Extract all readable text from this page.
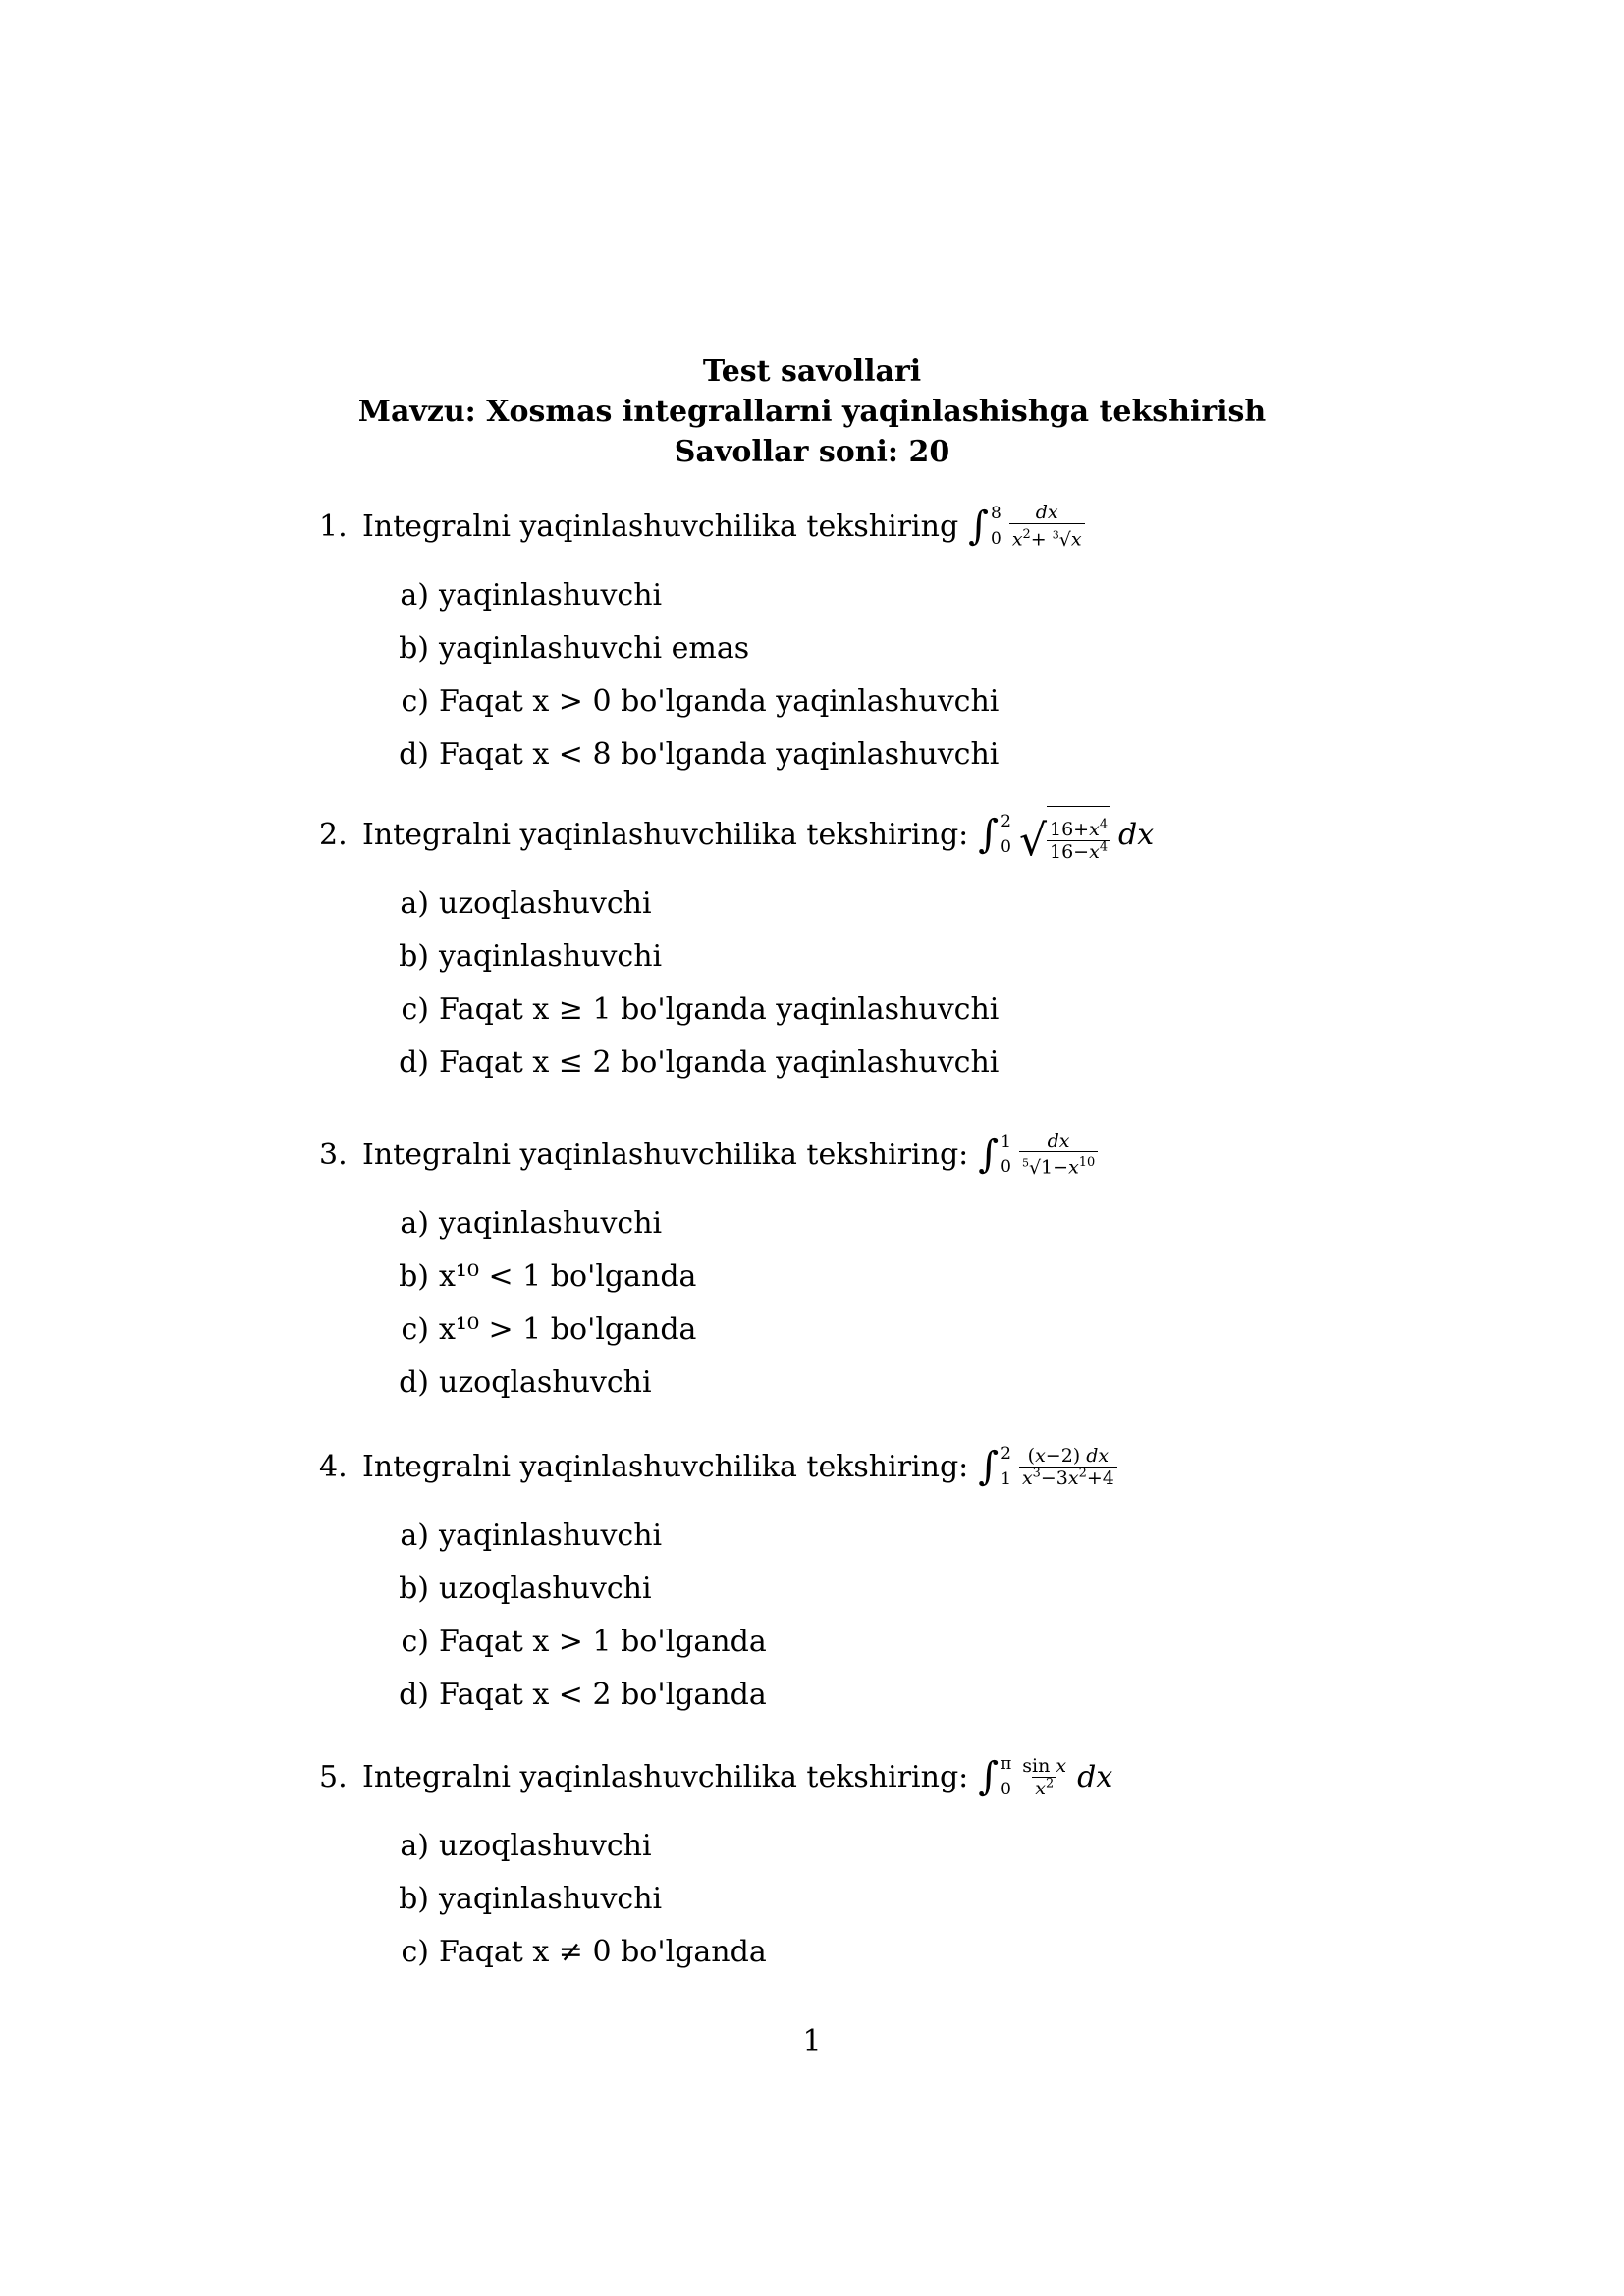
Test savollari
Mavzu: Xosmas integrallarni yaqinlashishga tekshirish
Savollar soni: 20
1. Integralni yaqinlashuvchilika tekshiring ∫ 8
$0 \frac{dx}{x^2+ ^3√x}$
a) yaqinlashuvchi
b) yaqinlashuvchi emas
c) Faqat x > 0 bo'lganda yaqinlashuvchi
d) Faqat x < 8 bo'lganda yaqinlashuvchi
2. Integralni yaqinlashuvchilika tekshiring: ∫ 2
0 √ $\frac{16+x^4}{16-x^4}$ dx
a) uzoqlashuvchi
b) yaqinlashuvchi
c) Faqat x ≥ 1 bo'lganda yaqinlashuvchi
d) Faqat x ≤ 2 bo'lganda yaqinlashuvchi
3. Integralni yaqinlashuvchilika tekshiring: ∫ 1
$0 \frac{dx}{^5√1-x^{10}}$
a) yaqinlashuvchi
b) x¹⁰ < 1 bo'lganda
c) x¹⁰ > 1 bo'lganda
d) uzoqlashuvchi
4. Integralni yaqinlashuvchilika tekshiring: ∫ 2
$1 \frac{(x-2) dx}{x^3-3x^2+4}$
a) yaqinlashuvchi
b) uzoqlashuvchi
c) Faqat x > 1 bo'lganda
d) Faqat x < 2 bo'lganda
5. Integralni yaqinlashuvchilika tekshiring: ∫ π
$0 \frac{\text{sin x}}{x^2}$ dx
a) uzoqlashuvchi
b) yaqinlashuvchi
c) Faqat x ≠ 0 bo'lganda
1
